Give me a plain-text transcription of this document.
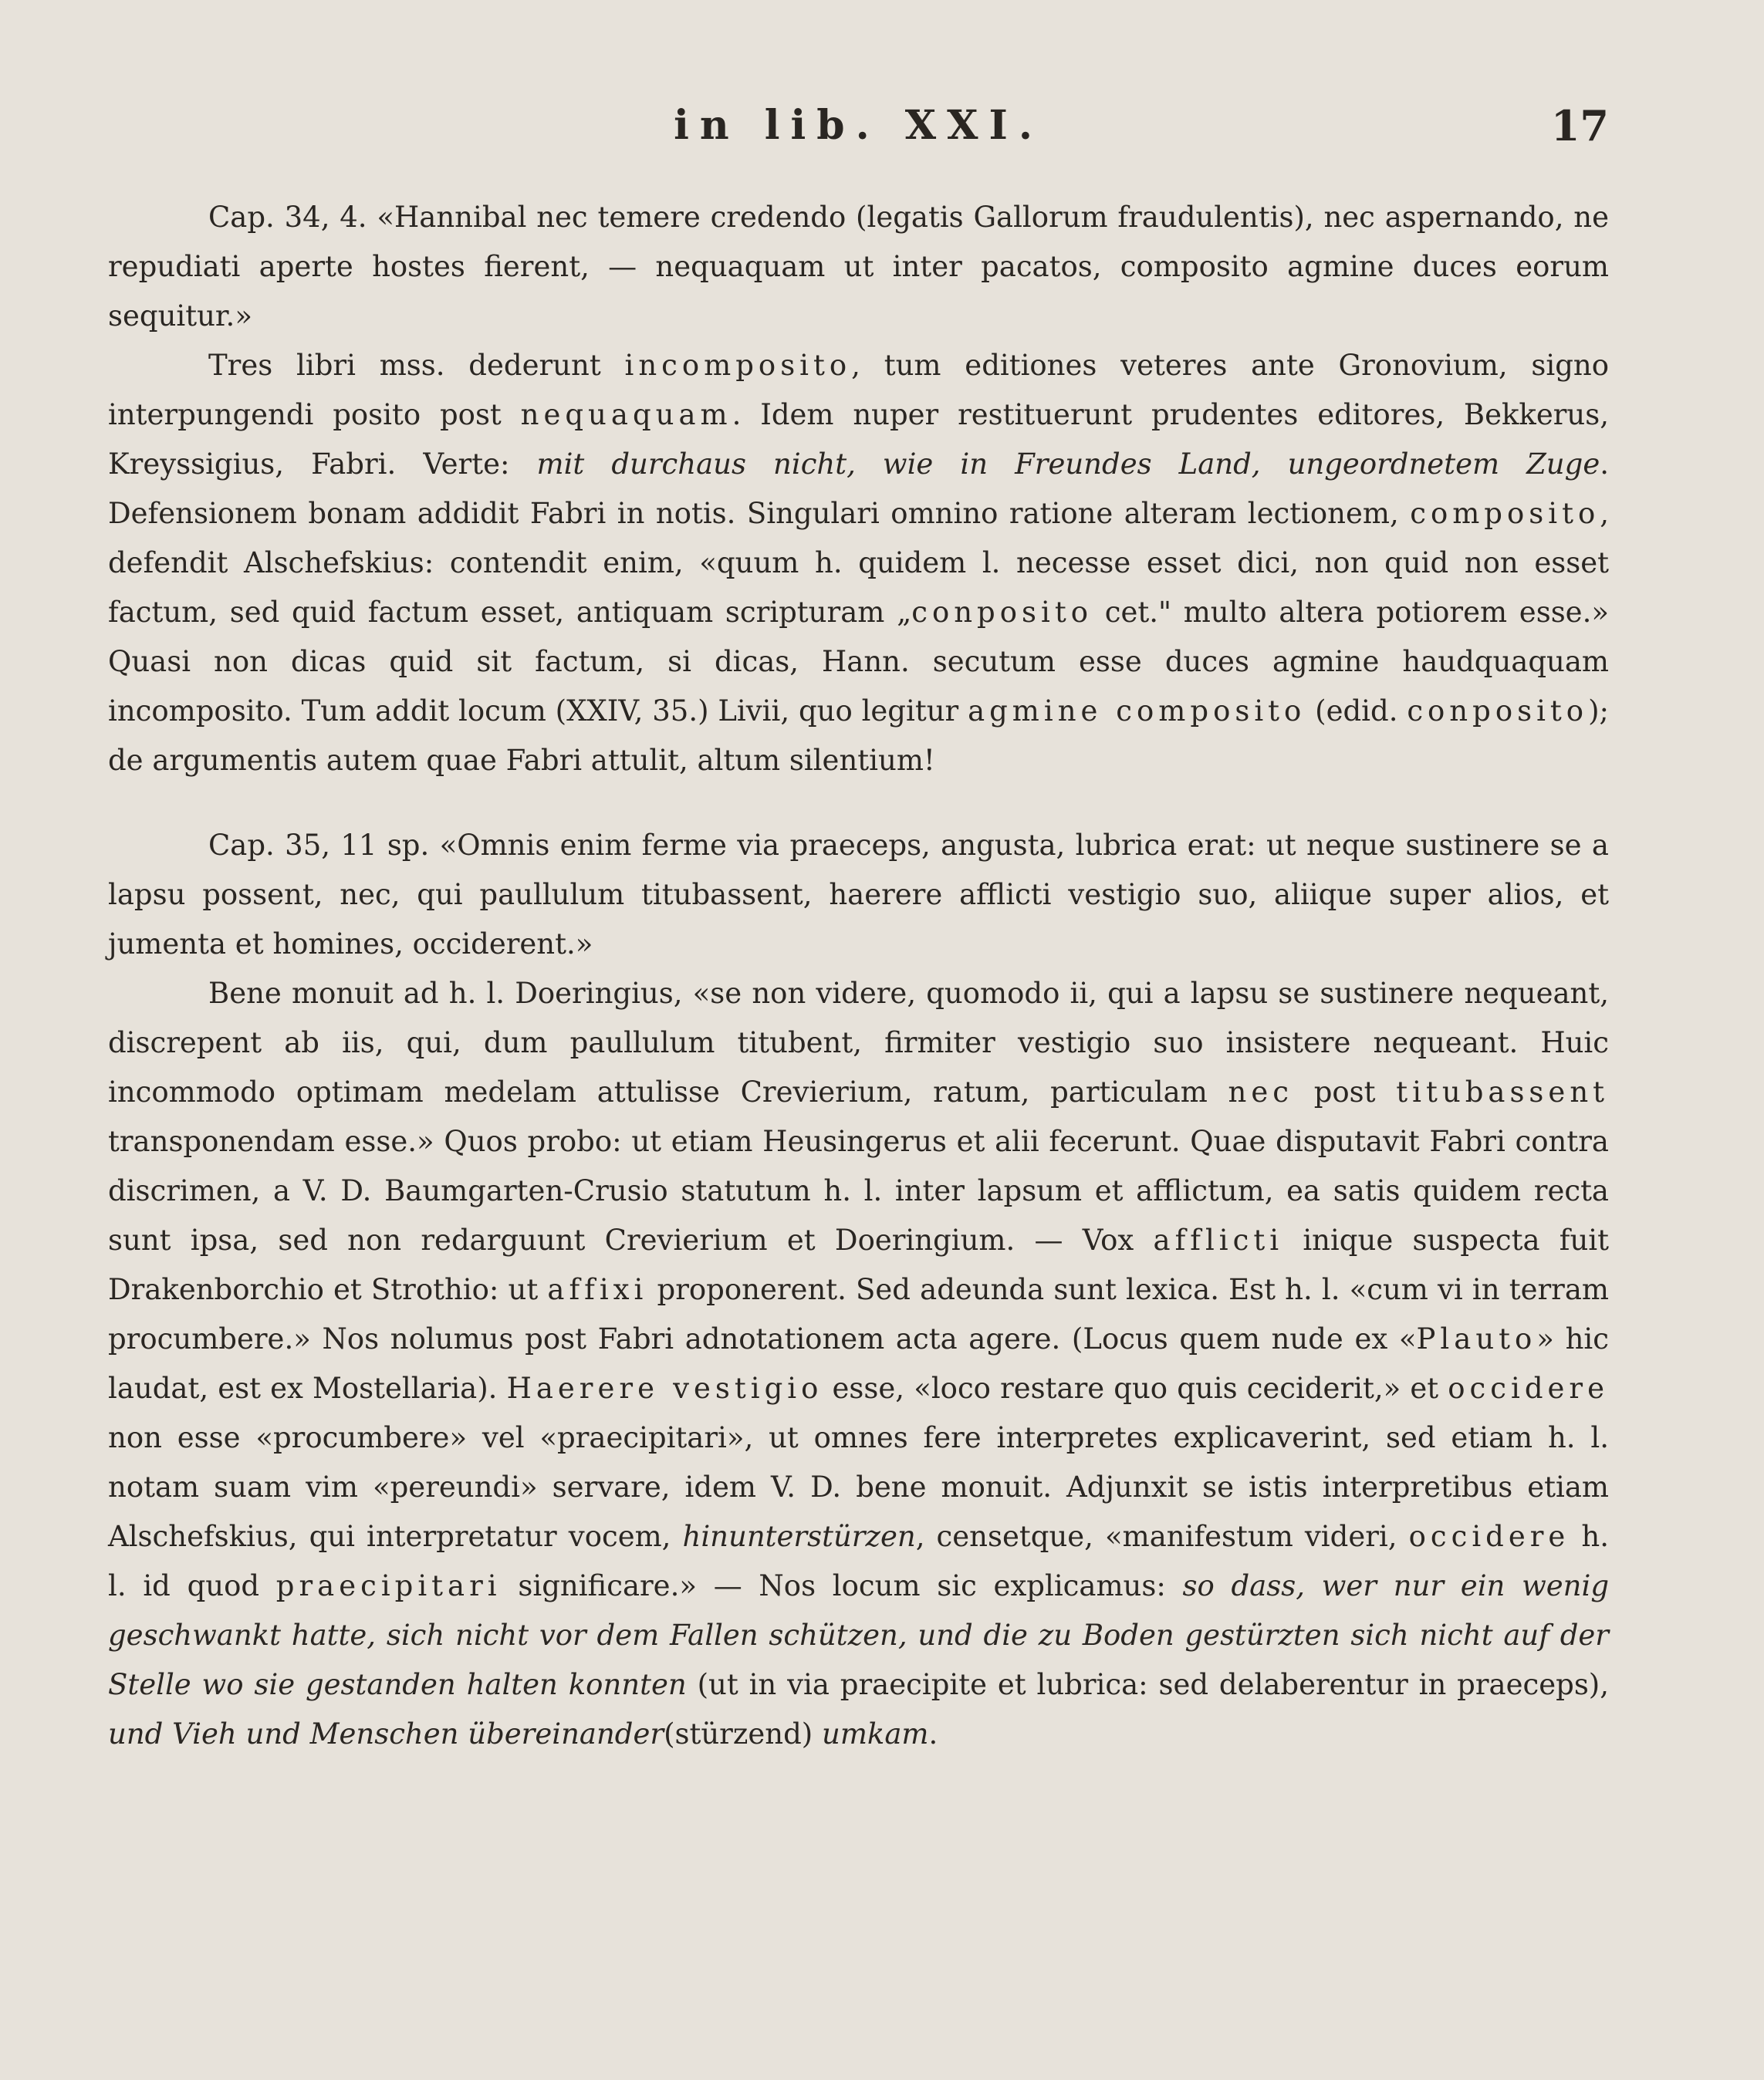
in lib. XXI.	17

Cap. 34, 4. «Hannibal nec temere credendo (legatis Gallorum fraudulentis), nec aspernando, ne repudiati aperte hostes fierent, — nequaquam ut inter pacatos, composito agmine duces eorum sequitur.»

Tres libri mss. dederunt incomposito, tum editiones veteres ante Gronovium, signo interpungendi posito post nequaquam. Idem nuper restituerunt prudentes editores, Bekkerus, Kreyssigius, Fabri. Verte: mit durchaus nicht, wie in Freundes Land, ungeordnetem Zuge. Defensionem bonam addidit Fabri in notis. Singulari omnino ratione alteram lectionem, composito, defendit Alschefskius: contendit enim, «quum h. quidem l. necesse esset dici, non quid non esset factum, sed quid factum esset, antiquam scripturam „conposito cet." multo altera potiorem esse.» Quasi non dicas quid sit factum, si dicas, Hann. secutum esse duces agmine haudquaquam incomposito. Tum addit locum (XXIV, 35.) Livii, quo legitur agmine composito (edid. conposito); de argumentis autem quae Fabri attulit, altum silentium!

Cap. 35, 11 sp. «Omnis enim ferme via praeceps, angusta, lubrica erat: ut neque sustinere se a lapsu possent, nec, qui paullulum titubassent, haerere afflicti vestigio suo, aliique super alios, et jumenta et homines, occiderent.»

Bene monuit ad h. l. Doeringius, «se non videre, quomodo ii, qui a lapsu se sustinere nequeant, discrepent ab iis, qui, dum paullulum titubent, firmiter vestigio suo insistere nequeant. Huic incommodo optimam medelam attulisse Crevierium, ratum, particulam nec post titubassent transponendam esse.» Quos probo: ut etiam Heusingerus et alii fecerunt. Quae disputavit Fabri contra discrimen, a V. D. Baumgarten-Crusio statutum h. l. inter lapsum et afflictum, ea satis quidem recta sunt ipsa, sed non redarguunt Crevierium et Doeringium. — Vox afflicti inique suspecta fuit Drakenborchio et Strothio: ut affixi proponerent. Sed adeunda sunt lexica. Est h. l. «cum vi in terram procumbere.» Nos nolumus post Fabri adnotationem acta agere. (Locus quem nude ex «Plauto» hic laudat, est ex Mostellaria). Haerere vestigio esse, «loco restare quo quis ceciderit,» et occidere non esse «procumbere» vel «praecipitari», ut omnes fere interpretes explicaverint, sed etiam h. l. notam suam vim «pereundi» servare, idem V. D. bene monuit. Adjunxit se istis interpretibus etiam Alschefskius, qui interpretatur vocem, hinunterstürzen, censetque, «manifestum videri, occidere h. l. id quod praecipitari significare.» — Nos locum sic explicamus: so dass, wer nur ein wenig geschwankt hatte, sich nicht vor dem Fallen schützen, und die zu Boden gestürzten sich nicht auf der Stelle wo sie gestanden halten konnten (ut in via praecipite et lubrica: sed delaberentur in praeceps), und Vieh und Menschen übereinander(stürzend) umkam.
